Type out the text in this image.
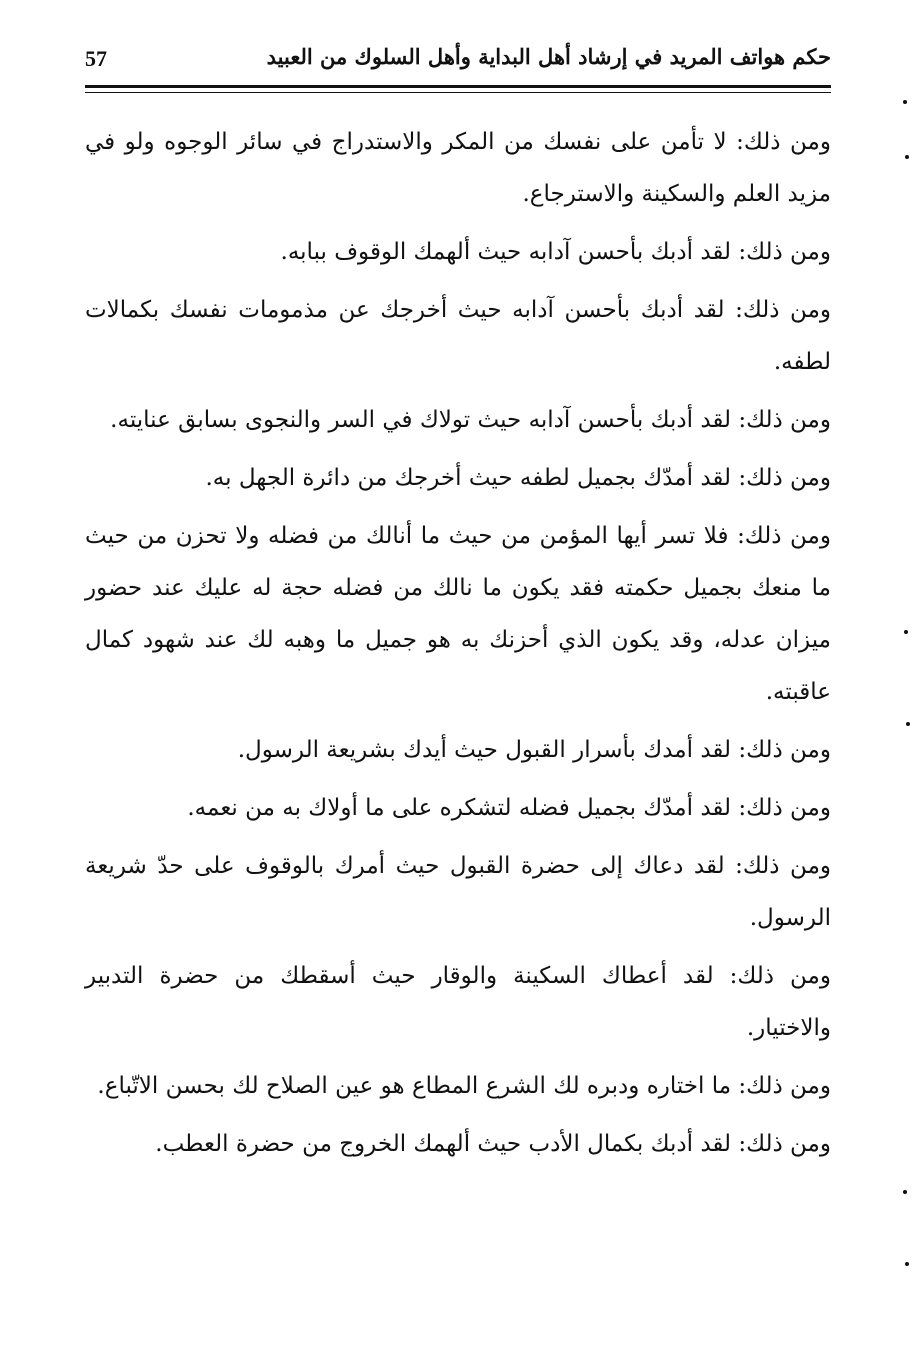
57	حكم هواتف المريد في إرشاد أهل البداية وأهل السلوك من العبيد

ومن ذلك: لا تأمن على نفسك من المكر والاستدراج في سائر الوجوه ولو في مزيد العلم والسكينة والاسترجاع.

ومن ذلك: لقد أدبك بأحسن آدابه حيث ألهمك الوقوف ببابه.

ومن ذلك: لقد أدبك بأحسن آدابه حيث أخرجك عن مذمومات نفسك بكمالات لطفه.

ومن ذلك: لقد أدبك بأحسن آدابه حيث تولاك في السر والنجوى بسابق عنايته.

ومن ذلك: لقد أمدّك بجميل لطفه حيث أخرجك من دائرة الجهل به.

ومن ذلك: فلا تسر أيها المؤمن من حيث ما أنالك من فضله ولا تحزن من حيث ما منعك بجميل حكمته فقد يكون ما نالك من فضله حجة له عليك عند حضور ميزان عدله، وقد يكون الذي أحزنك به هو جميل ما وهبه لك عند شهود كمال عاقبته.

ومن ذلك: لقد أمدك بأسرار القبول حيث أيدك بشريعة الرسول.

ومن ذلك: لقد أمدّك بجميل فضله لتشكره على ما أولاك به من نعمه.

ومن ذلك: لقد دعاك إلى حضرة القبول حيث أمرك بالوقوف على حدّ شريعة الرسول.

ومن ذلك: لقد أعطاك السكينة والوقار حيث أسقطك من حضرة التدبير والاختيار.

ومن ذلك: ما اختاره ودبره لك الشرع المطاع هو عين الصلاح لك بحسن الاتّباع.

ومن ذلك: لقد أدبك بكمال الأدب حيث ألهمك الخروج من حضرة العطب.
